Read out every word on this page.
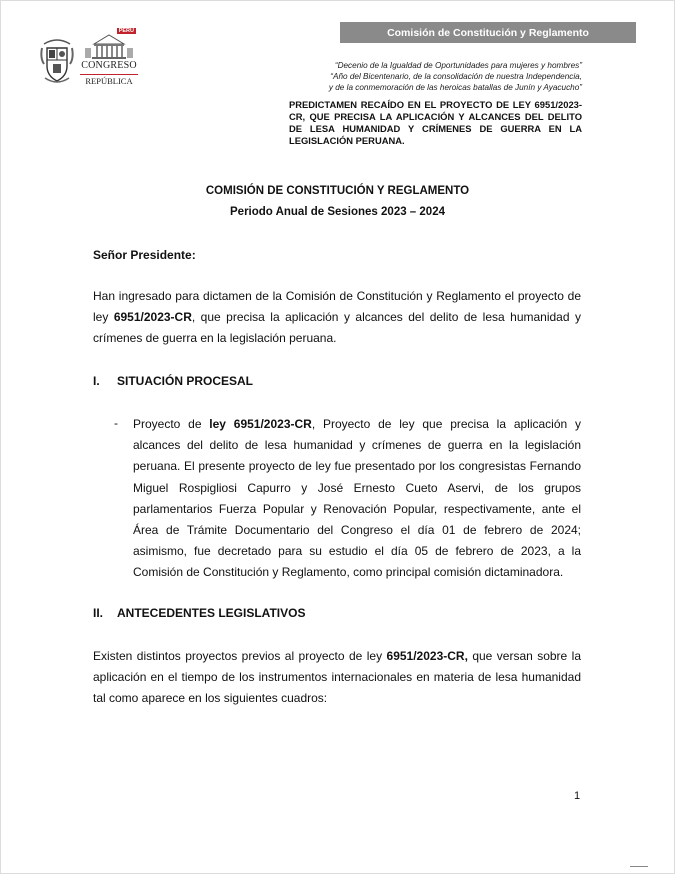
Comisión de Constitución y Reglamento
PERÚ
CONGRESO
REPÚBLICA
“Decenio de la Igualdad de Oportunidades para mujeres y hombres”
“Año del Bicentenario, de la consolidación de nuestra Independencia,
y de la conmemoración de las heroicas batallas de Junín y Ayacucho”
PREDICTAMEN RECAÍDO EN EL PROYECTO DE LEY 6951/2023-CR, QUE PRECISA LA APLICACIÓN Y ALCANCES DEL DELITO DE LESA HUMANIDAD Y CRÍMENES DE GUERRA EN LA LEGISLACIÓN PERUANA.
COMISIÓN DE CONSTITUCIÓN Y REGLAMENTO
Periodo Anual de Sesiones 2023 – 2024
Señor Presidente:
Han ingresado para dictamen de la Comisión de Constitución y Reglamento el proyecto de ley 6951/2023-CR, que precisa la aplicación y alcances del delito de lesa humanidad y crímenes de guerra en la legislación peruana.
I. SITUACIÓN PROCESAL
- Proyecto de ley 6951/2023-CR, Proyecto de ley que precisa la aplicación y alcances del delito de lesa humanidad y crímenes de guerra en la legislación peruana. El presente proyecto de ley fue presentado por los congresistas Fernando Miguel Rospigliosi Capurro y José Ernesto Cueto Aservi, de los grupos parlamentarios Fuerza Popular y Renovación Popular, respectivamente, ante el Área de Trámite Documentario del Congreso el día 01 de febrero de 2024; asimismo, fue decretado para su estudio el día 05 de febrero de 2023, a la Comisión de Constitución y Reglamento, como principal comisión dictaminadora.
II. ANTECEDENTES LEGISLATIVOS
Existen distintos proyectos previos al proyecto de ley 6951/2023-CR, que versan sobre la aplicación en el tiempo de los instrumentos internacionales en materia de lesa humanidad tal como aparece en los siguientes cuadros:
1
